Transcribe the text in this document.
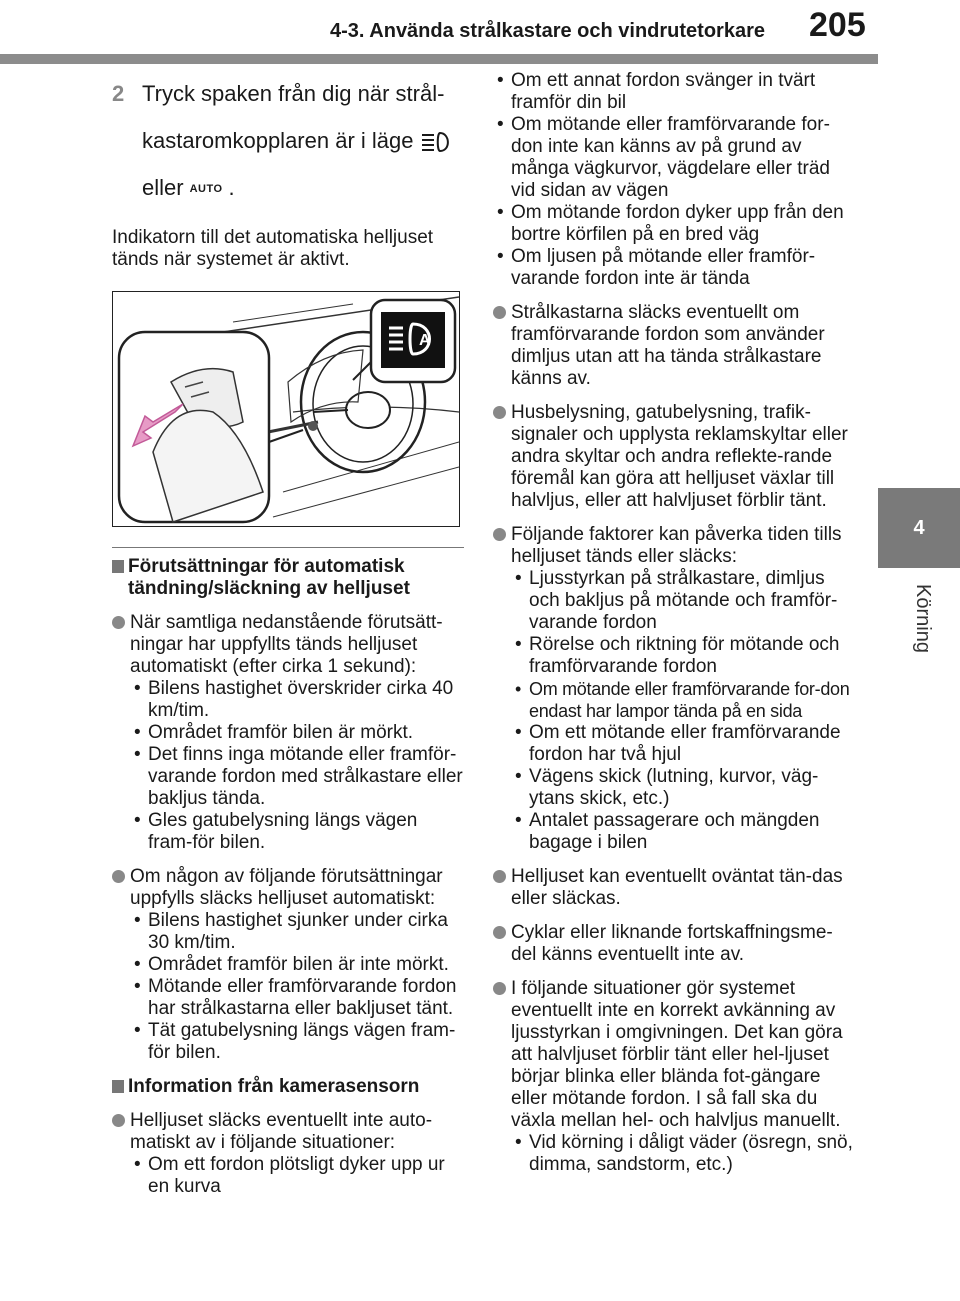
4-3. Använda strålkastare och vindrutetorkare 205
4
Körning
2 Tryck spaken från dig när strål-
kastaromkopplaren är i läge
eller AUTO .
Indikatorn till det automatiska helljuset tänds när systemet är aktivt.
A
Förutsättningar för automatisk tändning/släckning av helljuset
När samtliga nedanstående förutsätt-ningar har uppfyllts tänds helljuset automatiskt (efter cirka 1 sekund):
• Bilens hastighet överskrider cirka 40 km/tim.
• Området framför bilen är mörkt.
• Det finns inga mötande eller framför-varande fordon med strålkastare eller bakljus tända.
• Gles gatubelysning längs vägen fram-för bilen.
Om någon av följande förutsättningar uppfylls släcks helljuset automatiskt:
• Bilens hastighet sjunker under cirka 30 km/tim.
• Området framför bilen är inte mörkt.
• Mötande eller framförvarande fordon har strålkastarna eller bakljuset tänt.
• Tät gatubelysning längs vägen fram-för bilen.
Information från kamerasensorn
Helljuset släcks eventuellt inte auto-matiskt av i följande situationer:
• Om ett fordon plötsligt dyker upp ur en kurva
• Om ett annat fordon svänger in tvärt framför din bil
• Om mötande eller framförvarande for-don inte kan känns av på grund av många vägkurvor, vägdelare eller träd vid sidan av vägen
• Om mötande fordon dyker upp från den bortre körfilen på en bred väg
• Om ljusen på mötande eller framför-varande fordon inte är tända
Strålkastarna släcks eventuellt om framförvarande fordon som använder dimljus utan att ha tända strålkastare känns av.
Husbelysning, gatubelysning, trafik-signaler och upplysta reklamskyltar eller andra skyltar och andra reflekte-rande föremål kan göra att helljuset växlar till halvljus, eller att halvljuset förblir tänt.
Följande faktorer kan påverka tiden tills helljuset tänds eller släcks:
• Ljusstyrkan på strålkastare, dimljus och bakljus på mötande och framför-varande fordon
• Rörelse och riktning för mötande och framförvarande fordon
• Om mötande eller framförvarande for-don endast har lampor tända på en sida
• Om ett mötande eller framförvarande fordon har två hjul
• Vägens skick (lutning, kurvor, väg-ytans skick, etc.)
• Antalet passagerare och mängden bagage i bilen
Helljuset kan eventuellt oväntat tän-das eller släckas.
Cyklar eller liknande fortskaffningsme-del känns eventuellt inte av.
I följande situationer gör systemet eventuellt inte en korrekt avkänning av ljusstyrkan i omgivningen. Det kan göra att halvljuset förblir tänt eller hel-ljuset börjar blinka eller blända fot-gängare eller mötande fordon. I så fall ska du växla mellan hel- och halvljus manuellt.
• Vid körning i dåligt väder (ösregn, snö, dimma, sandstorm, etc.)
